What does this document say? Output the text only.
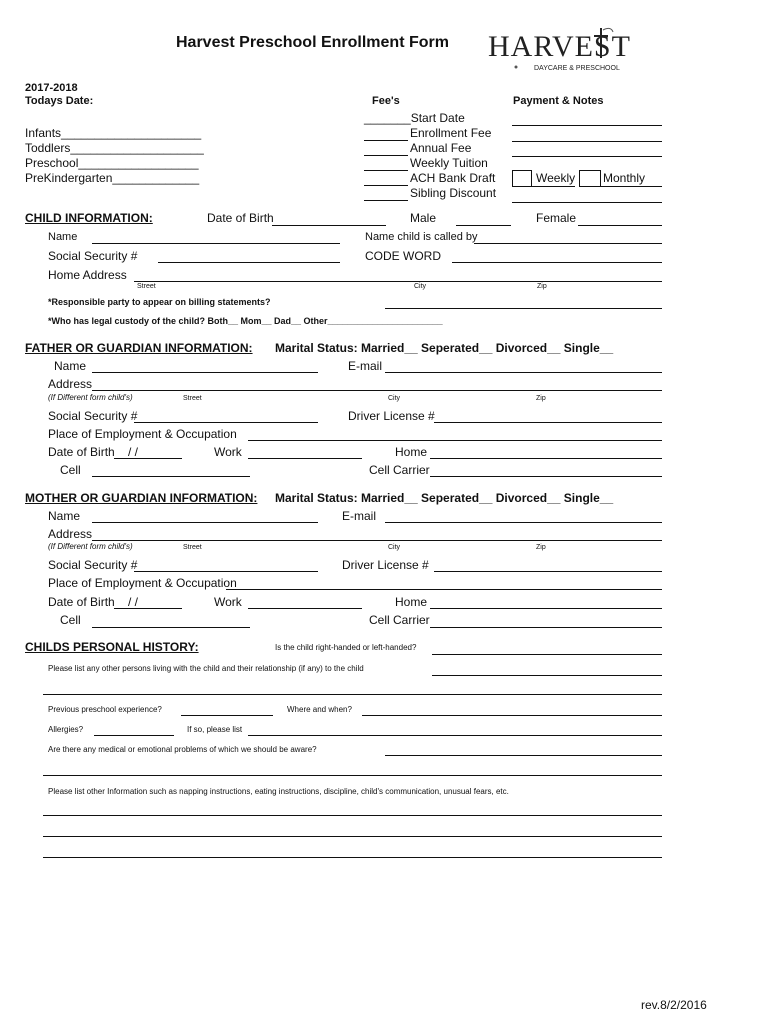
Harvest Preschool Enrollment Form HARVEST
DAYCARE & PRESCHOOL
2017-2018
Todays Date:
Infants_____________________
Toddlers____________________
Preschool__________________
PreKindergarten_____________
Fee's	Payment & Notes
_______Start Date
Enrollment Fee
Annual Fee
Weekly Tuition
ACH Bank Draft
Sibling Discount
Weekly Monthly
CHILD INFORMATION:	Date of Birth	Male	Female
Name	Name child is called by
Social Security #	CODE WORD
Home Address
Street	City	Zip
*Responsible party to appear on billing statements?
*Who has legal custody of the child? Both__ Mom__ Dad__ Other_______________________
FATHER OR GUARDIAN INFORMATION: Marital Status: Married__ Seperated__ Divorced__ Single__
Name	E-mail
Address
(If Different form child's)	Street	City	Zip
Social Security #	Driver License #
Place of Employment & Occupation
Date of Birth / /	Work	Home
Cell	Cell Carrier
MOTHER OR GUARDIAN INFORMATION: Marital Status: Married__ Seperated__ Divorced__ Single__
Name	E-mail
Address
(If Different form child's)	Street	City	Zip
Social Security #	Driver License #
Place of Employment & Occupation
Date of Birth / /	Work	Home
Cell	Cell Carrier
CHILDS PERSONAL HISTORY:	Is the child right-handed or left-handed?
Please list any other persons living with the child and their relationship (if any) to the child
Previous preschool experience?	Where and when?
Allergies?	If so, please list
Are there any medical or emotional problems of which we should be aware?
Please list other Information such as napping instructions, eating instructions, discipline, child's communication, unusual fears, etc.
rev.8/2/2016
